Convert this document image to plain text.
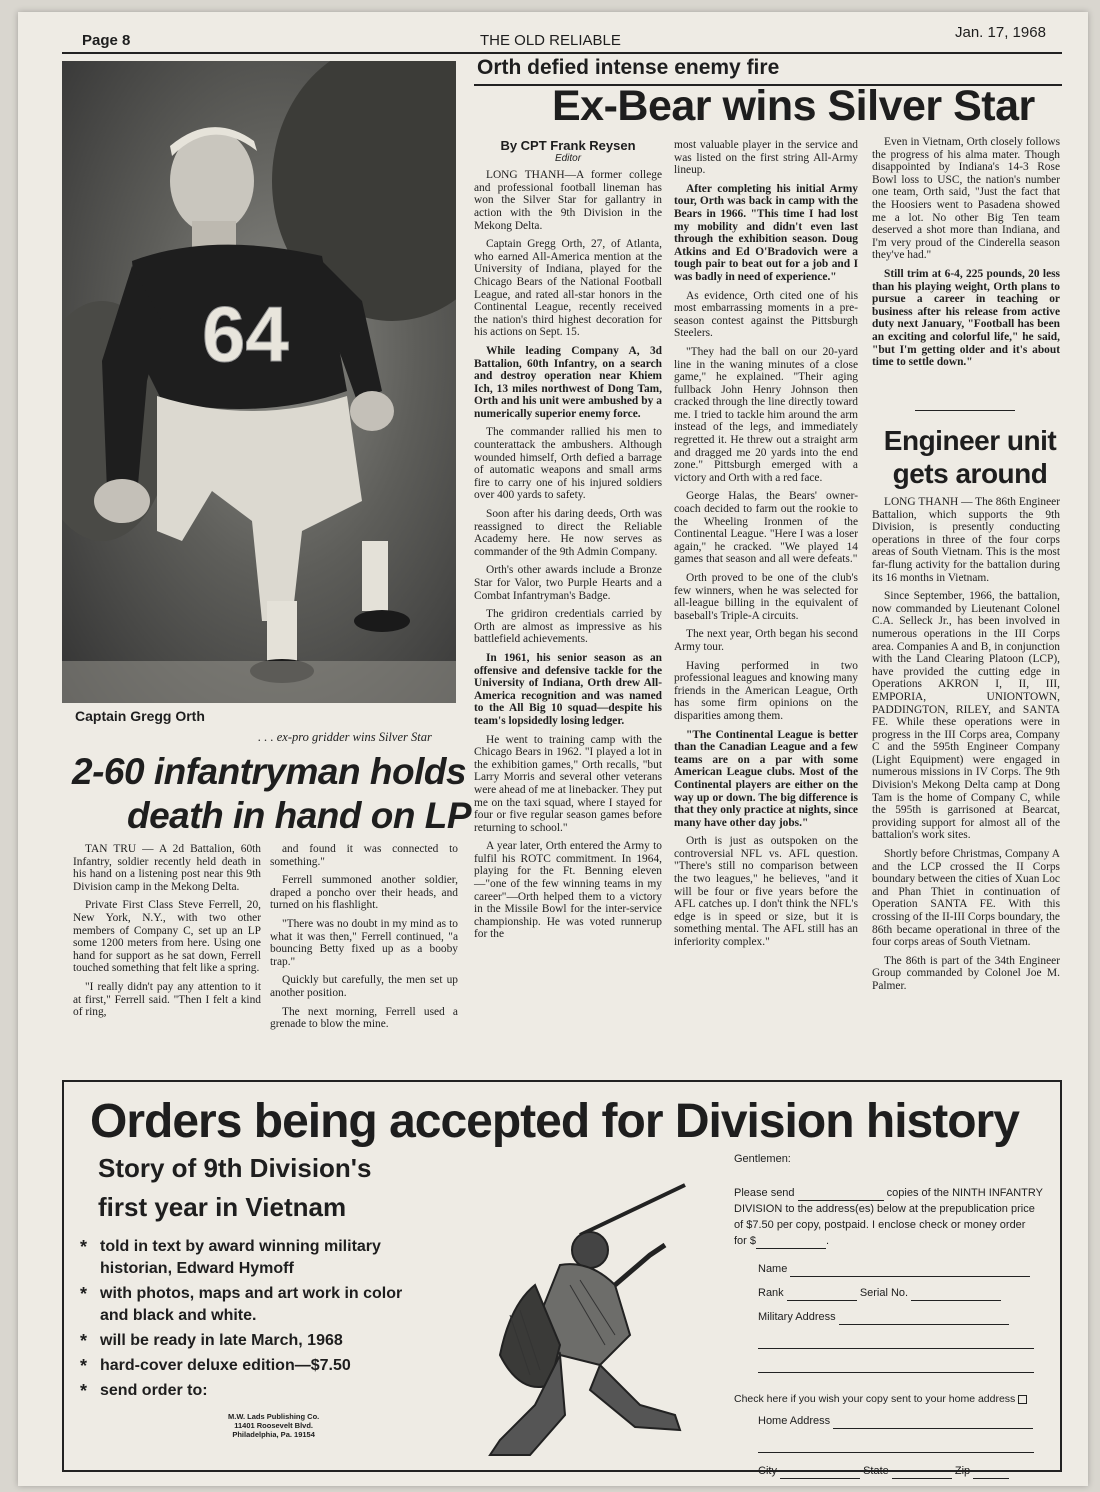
Page 8	THE OLD RELIABLE	Jan. 17, 1968
64
Captain Gregg Orth
. . . ex-pro gridder wins Silver Star
Orth defied intense enemy fire
Ex-Bear wins Silver Star
By CPT Frank Reysen
Editor

LONG THANH—A former college and professional football lineman has won the Silver Star for gallantry in action with the 9th Division in the Mekong Delta.

Captain Gregg Orth, 27, of Atlanta, who earned All-America mention at the University of Indiana, played for the Chicago Bears of the National Football League, and rated all-star honors in the Continental League, recently received the nation's third highest decoration for his actions on Sept. 15.

While leading Company A, 3d Battalion, 60th Infantry, on a search and destroy operation near Khiem Ich, 13 miles northwest of Dong Tam, Orth and his unit were ambushed by a numerically superior enemy force.

The commander rallied his men to counterattack the ambushers. Although wounded himself, Orth defied a barrage of automatic weapons and small arms fire to carry one of his injured soldiers over 400 yards to safety.

Soon after his daring deeds, Orth was reassigned to direct the Reliable Academy here. He now serves as commander of the 9th Admin Company.

Orth's other awards include a Bronze Star for Valor, two Purple Hearts and a Combat Infantryman's Badge.

The gridiron credentials carried by Orth are almost as impressive as his battlefield achievements.

In 1961, his senior season as an offensive and defensive tackle for the University of Indiana, Orth drew All-America recognition and was named to the All Big 10 squad—despite his team's lopsidedly losing ledger.

He went to training camp with the Chicago Bears in 1962. "I played a lot in the exhibition games," Orth recalls, "but Larry Morris and several other veterans were ahead of me at linebacker. They put me on the taxi squad, where I stayed for four or five regular season games before returning to school."

A year later, Orth entered the Army to fulfil his ROTC commitment. In 1964, playing for the Ft. Benning eleven—"one of the few winning teams in my career"—Orth helped them to a victory in the Missile Bowl for the inter-service championship. He was voted runnerup for the

most valuable player in the service and was listed on the first string All-Army lineup.

After completing his initial Army tour, Orth was back in camp with the Bears in 1966. "This time I had lost my mobility and didn't even last through the exhibition season. Doug Atkins and Ed O'Bradovich were a tough pair to beat out for a job and I was badly in need of experience."

As evidence, Orth cited one of his most embarrassing moments in a pre-season contest against the Pittsburgh Steelers.

"They had the ball on our 20-yard line in the waning minutes of a close game," he explained. "Their aging fullback John Henry Johnson then cracked through the line directly toward me. I tried to tackle him around the arm instead of the legs, and immediately regretted it. He threw out a straight arm and dragged me 20 yards into the end zone." Pittsburgh emerged with a victory and Orth with a red face.

George Halas, the Bears' owner-coach decided to farm out the rookie to the Wheeling Ironmen of the Continental League. "Here I was a loser again," he cracked. "We played 14 games that season and all were defeats."

Orth proved to be one of the club's few winners, when he was selected for all-league billing in the equivalent of baseball's Triple-A circuits.

The next year, Orth began his second Army tour.

Having performed in two professional leagues and knowing many friends in the American League, Orth has some firm opinions on the disparities among them.

"The Continental League is better than the Canadian League and a few teams are on a par with some American League clubs. Most of the Continental players are either on the way up or down. The big difference is that they only practice at nights, since many have other day jobs."

Orth is just as outspoken on the controversial NFL vs. AFL question. "There's still no comparison between the two leagues," he believes, "and it will be four or five years before the AFL catches up. I don't think the NFL's edge is in speed or size, but it is something mental. The AFL still has an inferiority complex."

Even in Vietnam, Orth closely follows the progress of his alma mater. Though disappointed by Indiana's 14-3 Rose Bowl loss to USC, the nation's number one team, Orth said, "Just the fact that the Hoosiers went to Pasadena showed me a lot. No other Big Ten team deserved a shot more than Indiana, and I'm very proud of the Cinderella season they've had."

Still trim at 6-4, 225 pounds, 20 less than his playing weight, Orth plans to pursue a career in teaching or business after his release from active duty next January, "Football has been an exciting and colorful life," he said, "but I'm getting older and it's about time to settle down."

Engineer unit
gets around

LONG THANH — The 86th Engineer Battalion, which supports the 9th Division, is presently conducting operations in three of the four corps areas of South Vietnam. This is the most far-flung activity for the battalion during its 16 months in Vietnam.

Since September, 1966, the battalion, now commanded by Lieutenant Colonel C.A. Selleck Jr., has been involved in numerous operations in the III Corps area. Companies A and B, in conjunction with the Land Clearing Platoon (LCP), have provided the cutting edge in Operations AKRON I, II, III, EMPORIA, UNIONTOWN, PADDINGTON, RILEY, and SANTA FE. While these operations were in progress in the III Corps area, Company C and the 595th Engineer Company (Light Equipment) were engaged in numerous missions in IV Corps. The 9th Division's Mekong Delta camp at Dong Tam is the home of Company C, while the 595th is garrisoned at Bearcat, providing support for almost all of the battalion's work sites.

Shortly before Christmas, Company A and the LCP crossed the II Corps boundary between the cities of Xuan Loc and Phan Thiet in continuation of Operation SANTA FE. With this crossing of the II-III Corps boundary, the 86th became operational in three of the four corps areas of South Vietnam.

The 86th is part of the 34th Engineer Group commanded by Colonel Joe M. Palmer.

2-60 infantryman holds
death in hand on LP

TAN TRU — A 2d Battalion, 60th Infantry, soldier recently held death in his hand on a listening post near this 9th Division camp in the Mekong Delta.

Private First Class Steve Ferrell, 20, New York, N.Y., with two other members of Company C, set up an LP some 1200 meters from here. Using one hand for support as he sat down, Ferrell touched something that felt like a spring.

"I really didn't pay any attention to it at first," Ferrell said. "Then I felt a kind of ring,

and found it was connected to something."

Ferrell summoned another soldier, draped a poncho over their heads, and turned on his flashlight.

"There was no doubt in my mind as to what it was then," Ferrell continued, "a bouncing Betty fixed up as a booby trap."

Quickly but carefully, the men set up another position.

The next morning, Ferrell used a grenade to blow the mine.

Orders being accepted for Division history
Story of 9th Division's
first year in Vietnam
* told in text by award winning military historian, Edward Hymoff
* with photos, maps and art work in color and black and white.
* will be ready in late March, 1968
* hard-cover deluxe edition—$7.50
* send order to:
M.W. Lads Publishing Co.
11401 Roosevelt Blvd.
Philadelphia, Pa. 19154
Gentlemen:
Please send	copies of the NINTH INFANTRY
DIVISION to the address(es) below at the prepublication price
of $7.50 per copy, postpaid. I enclose check or money order
for $	.
Name
Rank	Serial No.
Military Address
Check here if you wish your copy sent to your home address
Home Address
City	State	Zip
